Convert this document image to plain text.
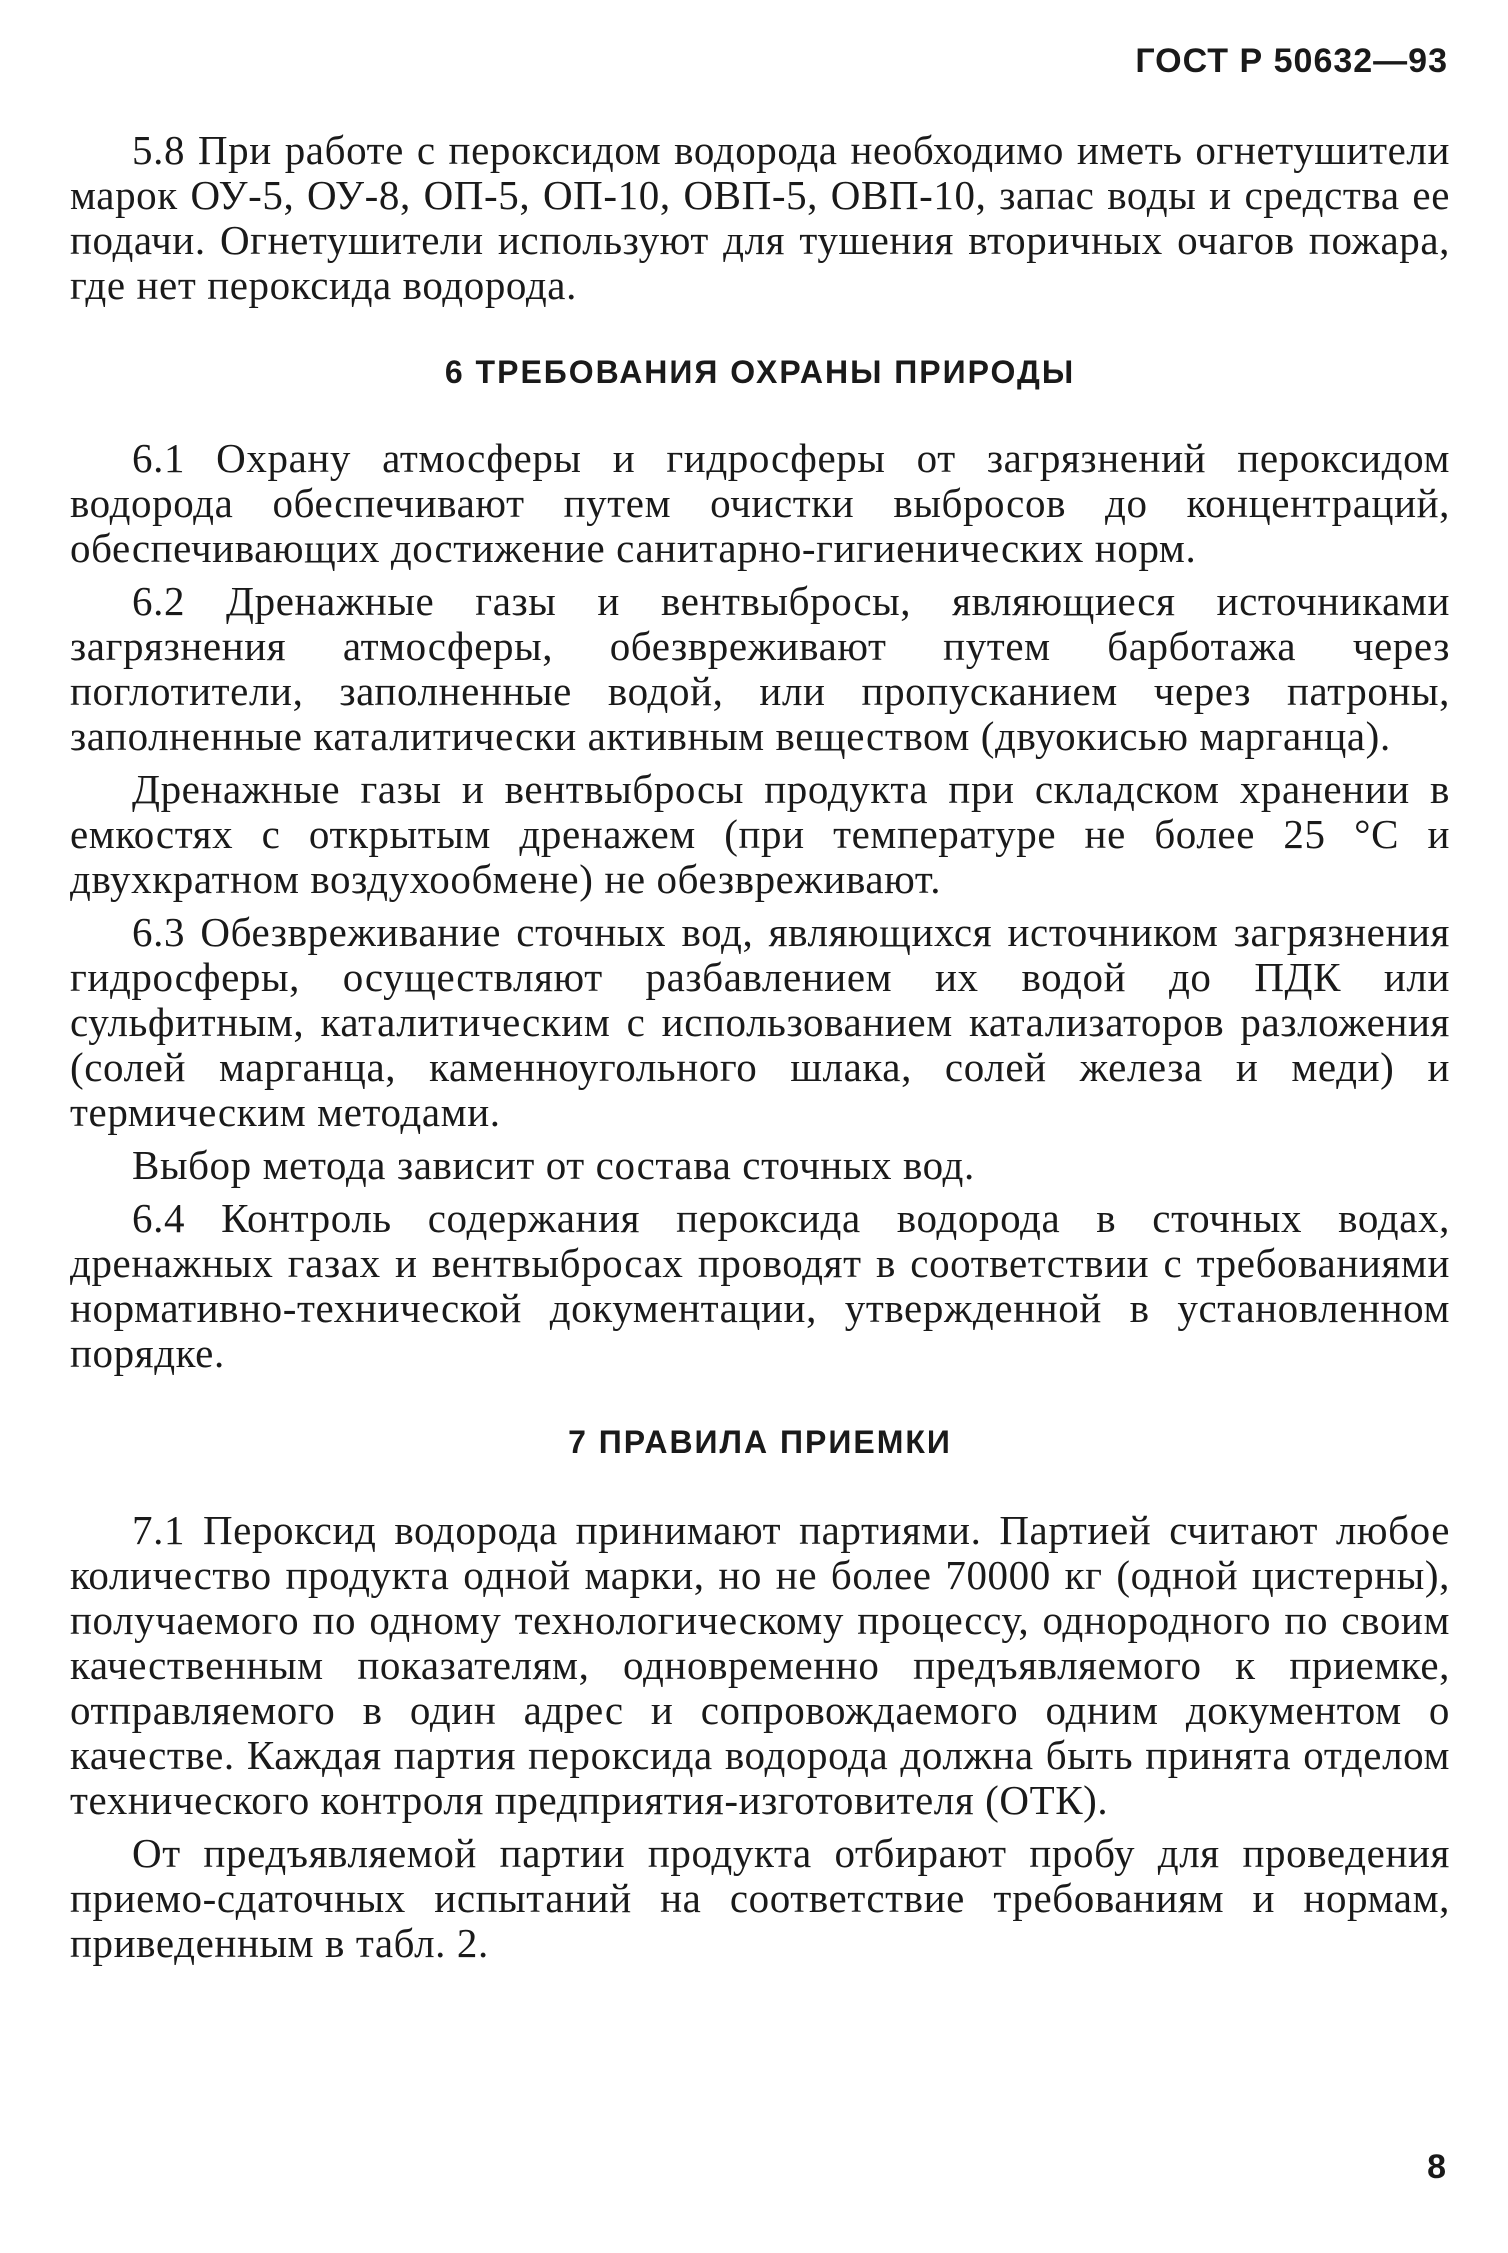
ГОСТ Р 50632—93

5.8 При работе с пероксидом водорода необходимо иметь огнетушители марок ОУ-5, ОУ-8, ОП-5, ОП-10, ОВП-5, ОВП-10, запас воды и средства ее подачи. Огнетушители используют для тушения вторичных очагов пожара, где нет пероксида водорода.

6 ТРЕБОВАНИЯ ОХРАНЫ ПРИРОДЫ

6.1 Охрану атмосферы и гидросферы от загрязнений пероксидом водорода обеспечивают путем очистки выбросов до концентраций, обеспечивающих достижение санитарно-гигиенических норм.

6.2 Дренажные газы и вентвыбросы, являющиеся источниками загрязнения атмосферы, обезвреживают путем барботажа через поглотители, заполненные водой, или пропусканием через патроны, заполненные каталитически активным веществом (двуокисью марганца).

Дренажные газы и вентвыбросы продукта при складском хранении в емкостях с открытым дренажем (при температуре не более 25 °С и двухкратном воздухообмене) не обезвреживают.

6.3 Обезвреживание сточных вод, являющихся источником загрязнения гидросферы, осуществляют разбавлением их водой до ПДК или сульфитным, каталитическим с использованием катализаторов разложения (солей марганца, каменноугольного шлака, солей железа и меди) и термическим методами.

Выбор метода зависит от состава сточных вод.

6.4 Контроль содержания пероксида водорода в сточных водах, дренажных газах и вентвыбросах проводят в соответствии с требованиями нормативно-технической документации, утвержденной в установленном порядке.

7 ПРАВИЛА ПРИЕМКИ

7.1 Пероксид водорода принимают партиями. Партией считают любое количество продукта одной марки, но не более 70000 кг (одной цистерны), получаемого по одному технологическому процессу, однородного по своим качественным показателям, одновременно предъявляемого к приемке, отправляемого в один адрес и сопровождаемого одним документом о качестве. Каждая партия пероксида водорода должна быть принята отделом технического контроля предприятия-изготовителя (ОТК).

От предъявляемой партии продукта отбирают пробу для проведения приемо-сдаточных испытаний на соответствие требованиям и нормам, приведенным в табл. 2.

8
